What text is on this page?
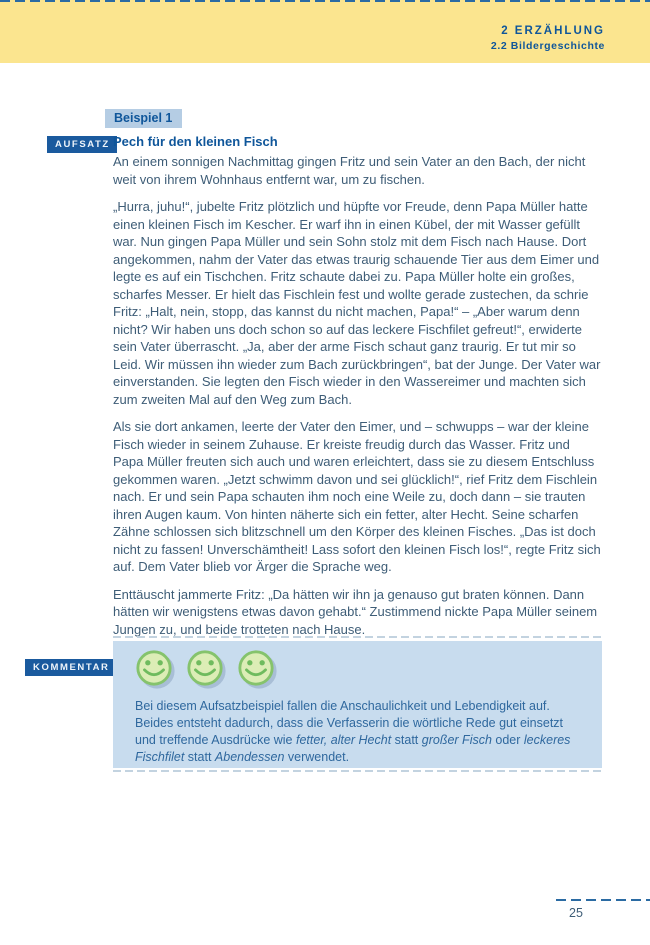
2 ERZÄHLUNG
2.2 Bildergeschichte
Beispiel 1
AUFSATZ Pech für den kleinen Fisch

An einem sonnigen Nachmittag gingen Fritz und sein Vater an den Bach, der nicht weit von ihrem Wohnhaus entfernt war, um zu fischen.

„Hurra, juhu!“, jubelte Fritz plötzlich und hüpfte vor Freude, denn Papa Müller hatte einen kleinen Fisch im Kescher. Er warf ihn in einen Kübel, der mit Wasser gefüllt war. Nun gingen Papa Müller und sein Sohn stolz mit dem Fisch nach Hause. Dort angekommen, nahm der Vater das etwas traurig schauende Tier aus dem Eimer und legte es auf ein Tischchen. Fritz schaute dabei zu. Papa Müller holte ein großes, scharfes Messer. Er hielt das Fischlein fest und wollte gerade zustechen, da schrie Fritz: „Halt, nein, stopp, das kannst du nicht machen, Papa!“ – „Aber warum denn nicht? Wir haben uns doch schon so auf das leckere Fischfilet gefreut!“, erwiderte sein Vater überrascht. „Ja, aber der arme Fisch schaut ganz traurig. Er tut mir so Leid. Wir müssen ihn wieder zum Bach zurückbringen“, bat der Junge. Der Vater war einverstanden. Sie legten den Fisch wieder in den Wassereimer und machten sich zum zweiten Mal auf den Weg zum Bach.

Als sie dort ankamen, leerte der Vater den Eimer, und – schwupps – war der kleine Fisch wieder in seinem Zuhause. Er kreiste freudig durch das Wasser. Fritz und Papa Müller freuten sich auch und waren erleichtert, dass sie zu diesem Entschluss gekommen waren. „Jetzt schwimm davon und sei glücklich!“, rief Fritz dem Fischlein nach. Er und sein Papa schauten ihm noch eine Weile zu, doch dann – sie trauten ihren Augen kaum. Von hinten näherte sich ein fetter, alter Hecht. Seine scharfen Zähne schlossen sich blitzschnell um den Körper des kleinen Fisches. „Das ist doch nicht zu fassen! Unverschämtheit! Lass sofort den kleinen Fisch los!“, regte Fritz sich auf. Dem Vater blieb vor Ärger die Sprache weg.

Enttäuscht jammerte Fritz: „Da hätten wir ihn ja genauso gut braten können. Dann hätten wir wenigstens etwas davon gehabt.“ Zustimmend nickte Papa Müller seinem Jungen zu, und beide trotteten nach Hause.

KOMMENTAR
Bei diesem Aufsatzbeispiel fallen die Anschaulichkeit und Lebendigkeit auf. Beides entsteht dadurch, dass die Verfasserin die wörtliche Rede gut einsetzt und treffende Ausdrücke wie fetter, alter Hecht statt großer Fisch oder leckeres Fischfilet statt Abendessen verwendet.
25
